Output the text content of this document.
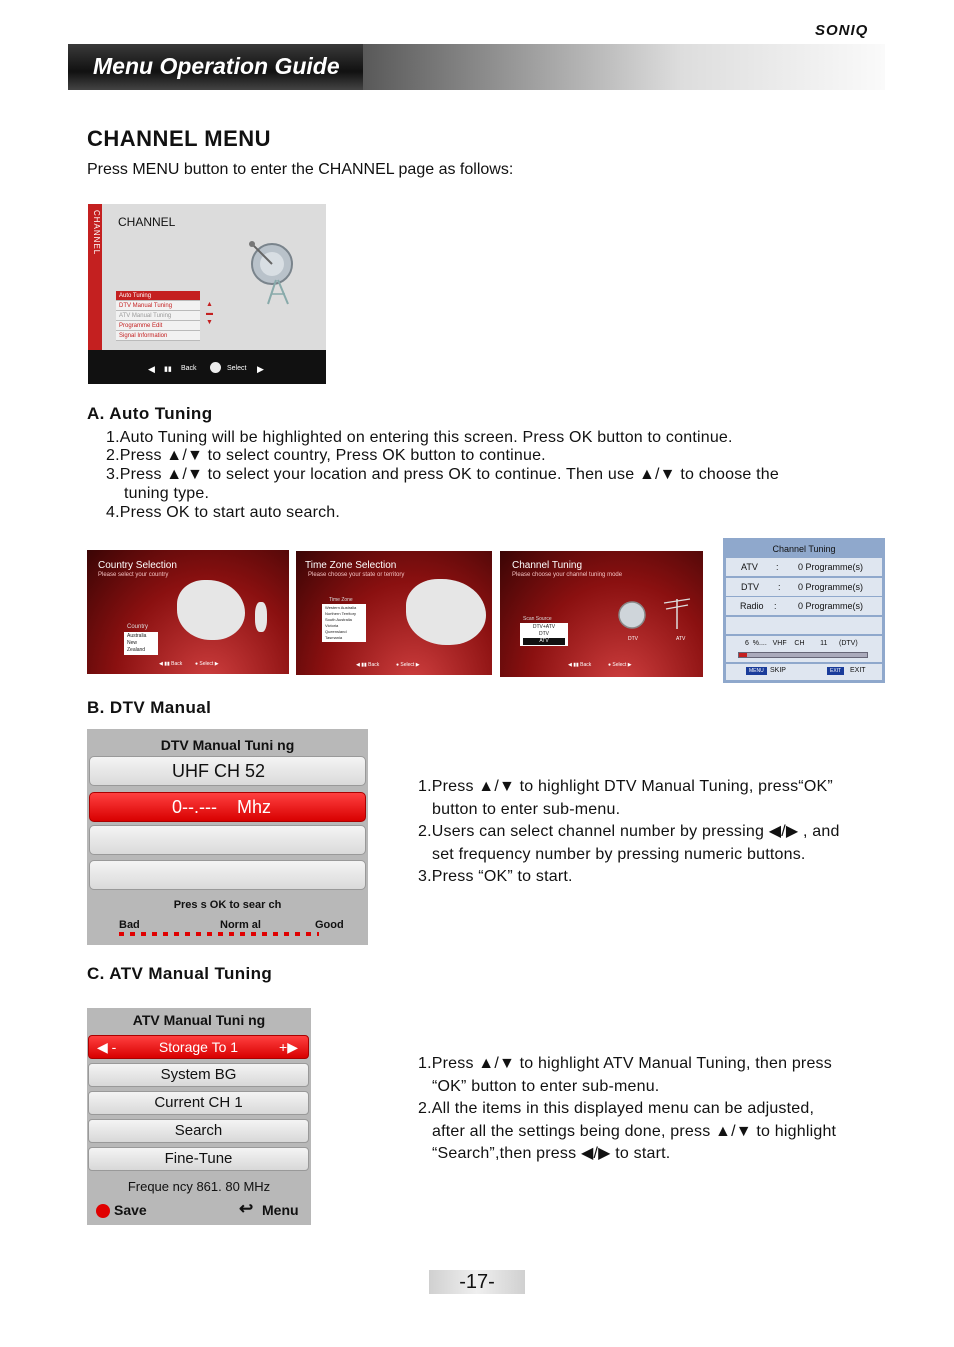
SONIQ
Menu Operation Guide
CHANNEL MENU
Press MENU button to enter the CHANNEL page as follows:
CHANNEL CHANNEL
Auto Tuning
DTV Manual Tuning
ATV Manual Tuning
Programme Edit
Signal Information
▲
▬
▼
◀ ▮▮ Back	Select ▶
A. Auto Tuning
1.Auto Tuning will be highlighted on entering this screen. Press OK button to continue.
2.Press ▲/▼ to select country, Press OK button to continue.
3.Press ▲/▼ to select your location and press OK to continue. Then use ▲/▼ to choose the
tuning type.
4.Press OK to start auto search.
Country Selection
Please select your country
Country
Australia
New Zealand
◀ ▮▮ Back	● Select ▶
Time Zone Selection
Please choose your state or territory
Time Zone
Western Australia
Northern Territory
South Australia
Victoria
Queensland
Tasmania
◀ ▮▮ Back	● Select ▶
Channel Tuning
Please choose your channel tuning mode
DTV	ATV
Scan Source
DTV+ATV
DTV
ATV
◀ ▮▮ Back	● Select ▶
Channel Tuning
ATV : 0 Programme(s)
DTV : 0 Programme(s)
Radio : 0 Programme(s)
6  %....   VHF    CH        11      (DTV)
MENU SKIP	EXIT	EXIT
B. DTV Manual
DTV Manual Tuni ng
UHF CH 52
0--.---    Mhz
Pres s OK to sear ch
Bad	Norm al	Good
1.Press ▲/▼ to highlight DTV Manual Tuning, press“OK”
button to enter sub-menu.
2.Users can select channel number by pressing ◀/▶ , and
set frequency number by pressing numeric buttons.
3.Press “OK” to start.
C. ATV Manual Tuning
ATV Manual Tuni ng
◀ -	Storage To 1	+▶
System BG
Current CH 1
Search
Fine-Tune
Freque ncy 861. 80 MHz
Save	↩ Menu
1.Press ▲/▼ to highlight ATV Manual Tuning, then press
“OK” button to enter sub-menu.
2.All the items in this displayed menu can be adjusted,
after all the settings being done, press ▲/▼ to highlight
“Search”,then press ◀/▶ to start.
-17-
